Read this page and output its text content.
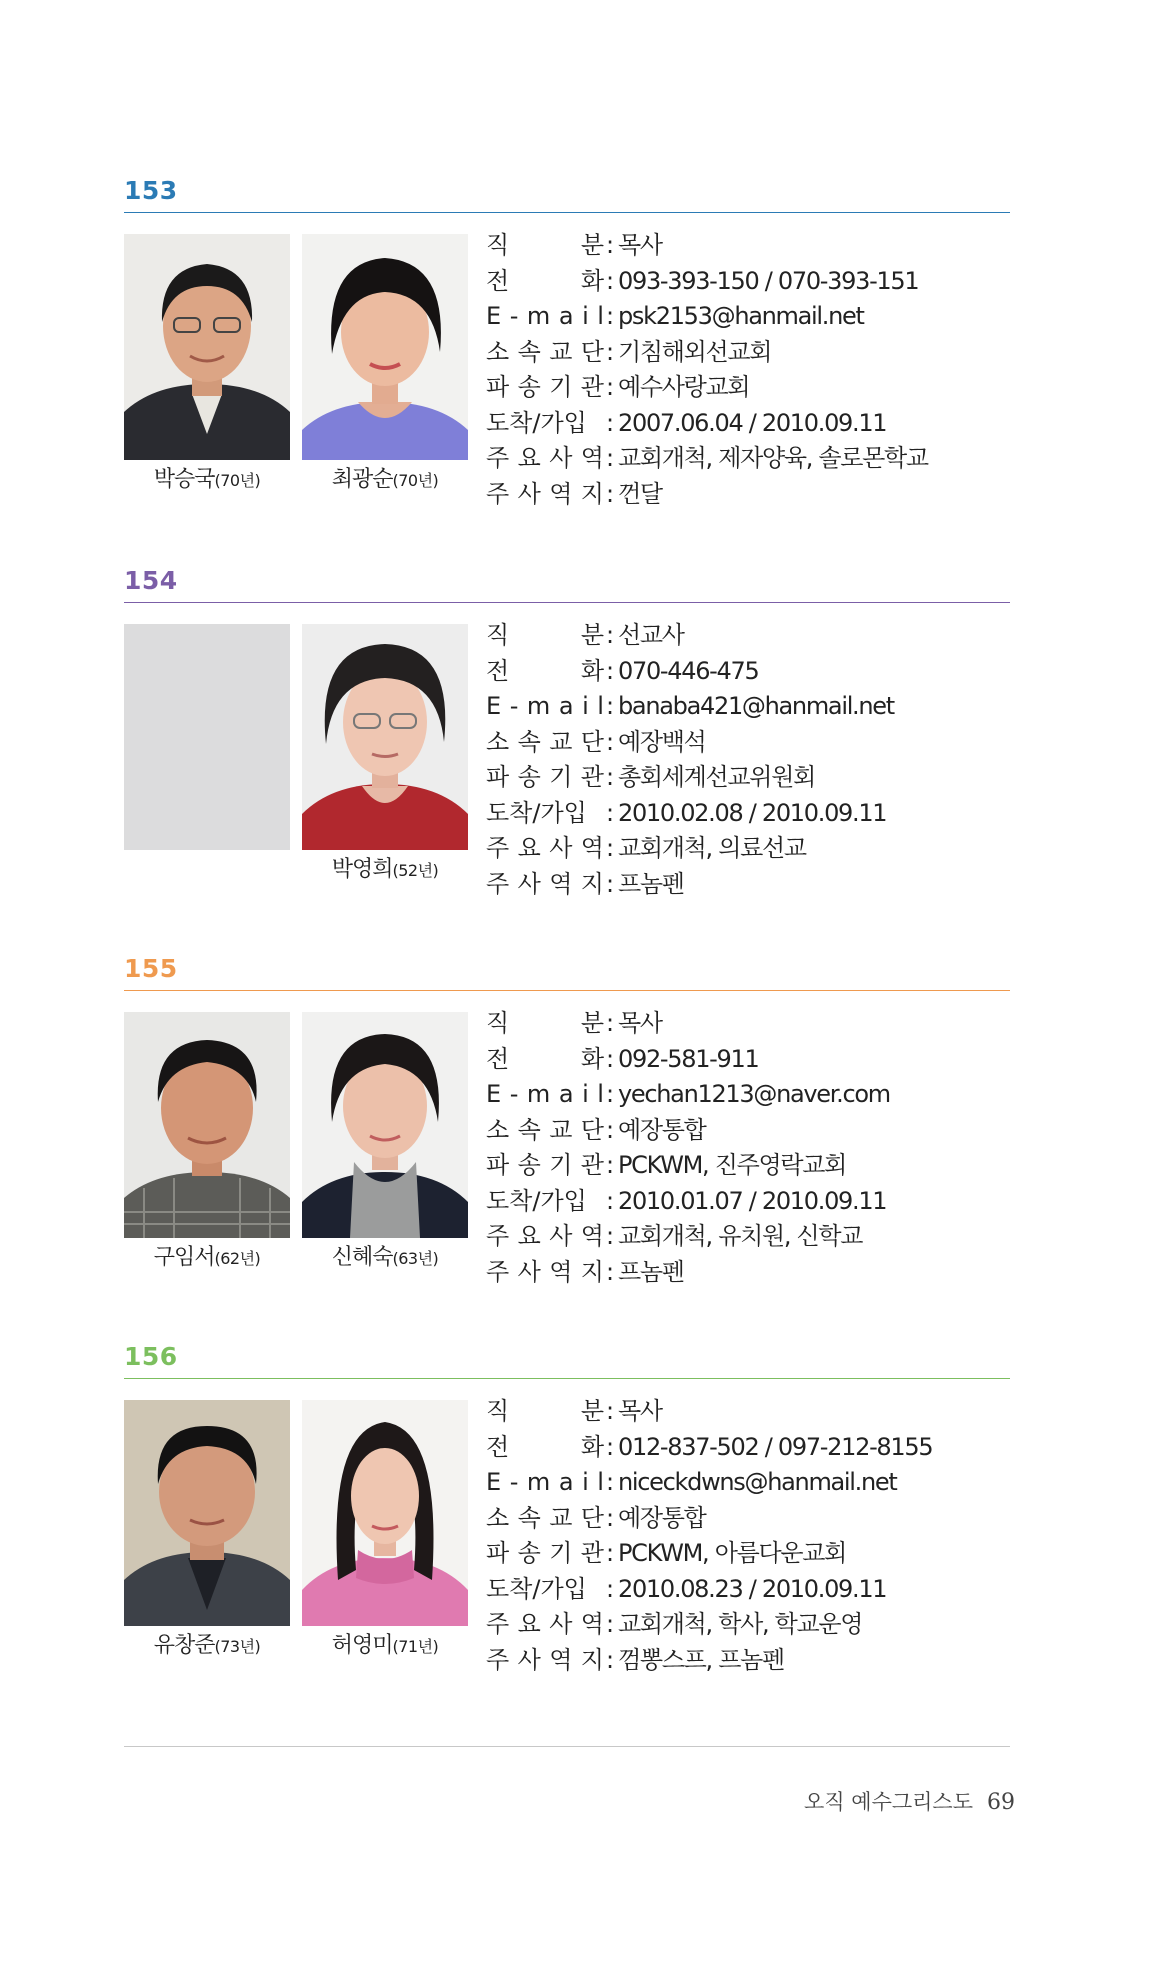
153
박승국(70년)	최광순(70년)
직	분 : 목사
전	화 : 093-393-150 / 070-393-151
E - m a i l : psk2153@hanmail.net
소 속 교 단 : 기침해외선교회
파 송 기 관 : 예수사랑교회
도착/가입 : 2007.06.04 / 2010.09.11
주 요 사 역 : 교회개척, 제자양육, 솔로몬학교
주 사 역 지 : 껀달
154
박영희(52년)
직	분 : 선교사
전	화 : 070-446-475
E - m a i l : banaba421@hanmail.net
소 속 교 단 : 예장백석
파 송 기 관 : 총회세계선교위원회
도착/가입 : 2010.02.08 / 2010.09.11
주 요 사 역 : 교회개척, 의료선교
주 사 역 지 : 프놈펜
155
구임서(62년)	신혜숙(63년)
직	분 : 목사
전	화 : 092-581-911
E - m a i l : yechan1213@naver.com
소 속 교 단 : 예장통합
파 송 기 관 : PCKWM, 진주영락교회
도착/가입 : 2010.01.07 / 2010.09.11
주 요 사 역 : 교회개척, 유치원, 신학교
주 사 역 지 : 프놈펜
156
유창준(73년)	허영미(71년)
직	분 : 목사
전	화 : 012-837-502 / 097-212-8155
E - m a i l : niceckdwns@hanmail.net
소 속 교 단 : 예장통합
파 송 기 관 : PCKWM, 아름다운교회
도착/가입 : 2010.08.23 / 2010.09.11
주 요 사 역 : 교회개척, 학사, 학교운영
주 사 역 지 : 껌뽕스프, 프놈펜
오직 예수그리스도 69
